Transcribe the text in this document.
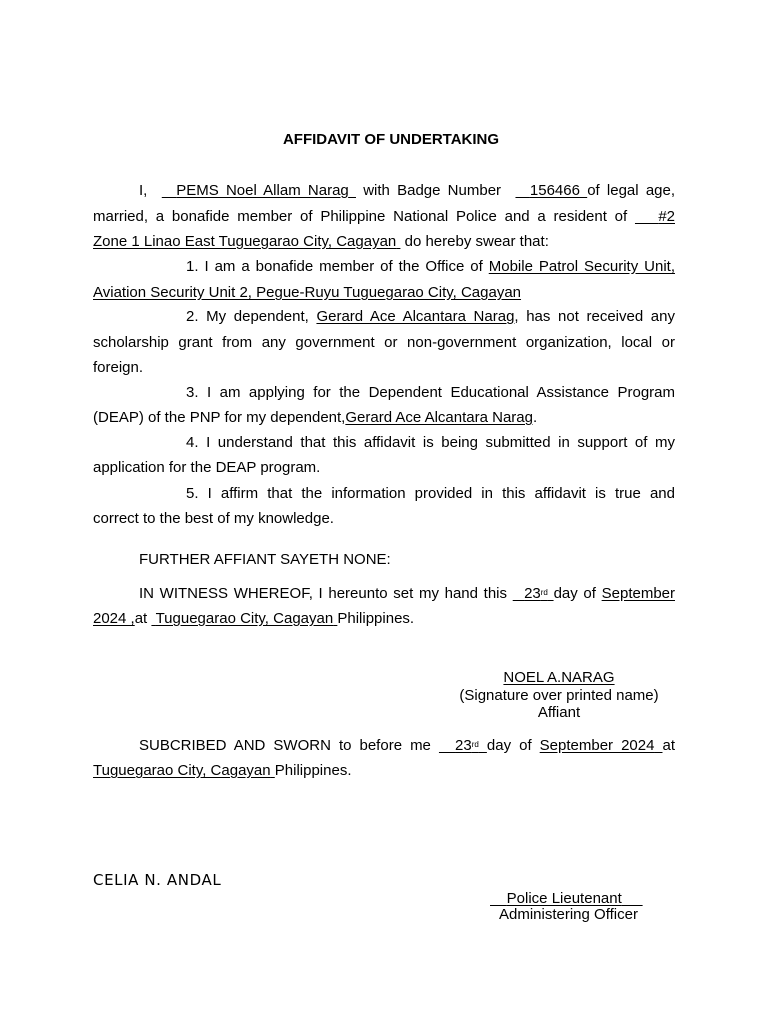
AFFIDAVIT OF UNDERTAKING
I, PEMS Noel Allam Narag with Badge Number 156466 of legal age,
married, a bonafide member of Philippine National Police and a resident of #2
Zone 1 Linao East Tuguegarao City, Cagayan do hereby swear that:
1. I am a bonafide member of the Office of Mobile Patrol Security Unit,
Aviation Security Unit 2, Pegue-Ruyu Tuguegarao City, Cagayan
2. My dependent, Gerard Ace Alcantara Narag, has not received any
scholarship grant from any government or non-government organization, local or
foreign.
3. I am applying for the Dependent Educational Assistance Program
(DEAP) of the PNP for my dependent,Gerard Ace Alcantara Narag.
4. I understand that this affidavit is being submitted in support of my
application for the DEAP program.
5. I affirm that the information provided in this affidavit is true and
correct to the best of my knowledge.
FURTHER AFFIANT SAYETH NONE:
IN WITNESS WHEREOF, I hereunto set my hand this 23rd day of September
2024 ,at Tuguegarao City, Cagayan Philippines.
NOEL A.NARAG
(Signature over printed name)
Affiant
SUBCRIBED AND SWORN to before me 23rd day of September 2024 at
Tuguegarao City, Cagayan Philippines.
CELIA N. ANDAL
Police Lieutenant
Administering Officer
